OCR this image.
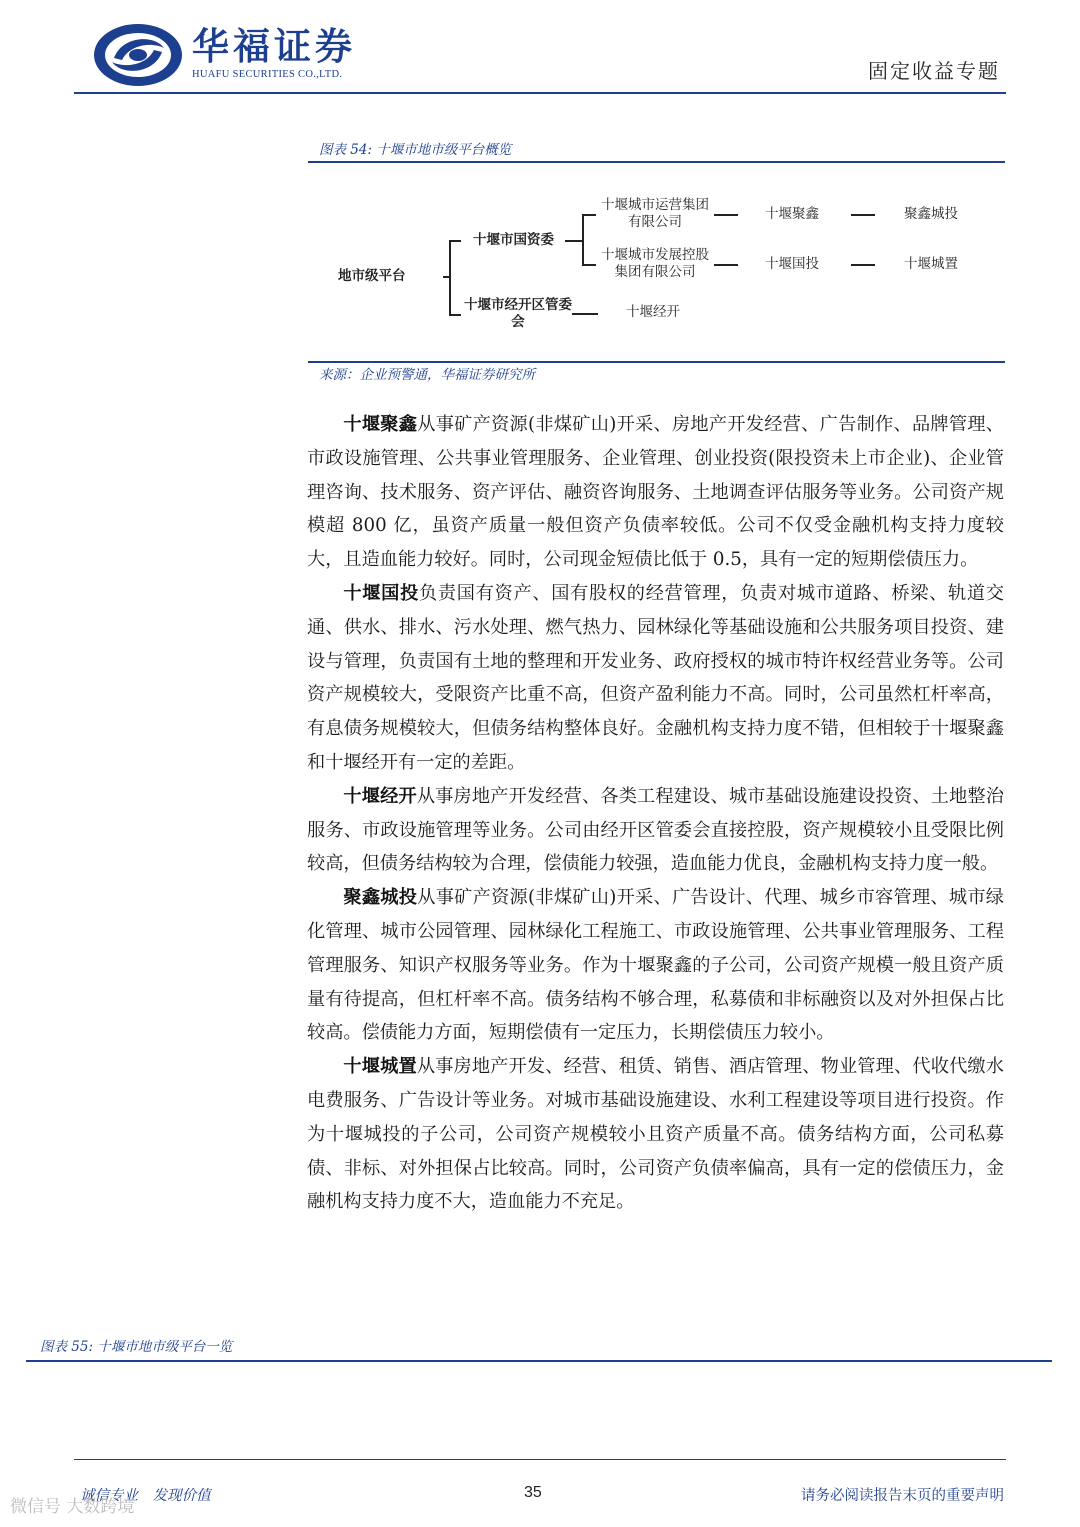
华福证券
HUAFU SECURITIES CO.,LTD.	固定收益专题
图表 54: 十堰市地市级平台概览
地市级平台
十堰市国资委
十堰市经开区管委会
十堰城市运营集团有限公司
十堰城市发展控股集团有限公司
十堰经开
十堰聚鑫
十堰国投
聚鑫城投
十堰城置
来源：企业预警通，华福证券研究所

十堰聚鑫从事矿产资源(非煤矿山)开采、房地产开发经营、广告制作、品牌管理、市政设施管理、公共事业管理服务、企业管理、创业投资(限投资未上市企业)、企业管理咨询、技术服务、资产评估、融资咨询服务、土地调查评估服务等业务。公司资产规模超 800 亿，虽资产质量一般但资产负债率较低。公司不仅受金融机构支持力度较大，且造血能力较好。同时，公司现金短债比低于 0.5，具有一定的短期偿债压力。

十堰国投负责国有资产、国有股权的经营管理，负责对城市道路、桥梁、轨道交通、供水、排水、污水处理、燃气热力、园林绿化等基础设施和公共服务项目投资、建设与管理，负责国有土地的整理和开发业务、政府授权的城市特许权经营业务等。公司资产规模较大，受限资产比重不高，但资产盈利能力不高。同时，公司虽然杠杆率高，有息债务规模较大，但债务结构整体良好。金融机构支持力度不错，但相较于十堰聚鑫和十堰经开有一定的差距。

十堰经开从事房地产开发经营、各类工程建设、城市基础设施建设投资、土地整治服务、市政设施管理等业务。公司由经开区管委会直接控股，资产规模较小且受限比例较高，但债务结构较为合理，偿债能力较强，造血能力优良，金融机构支持力度一般。

聚鑫城投从事矿产资源(非煤矿山)开采、广告设计、代理、城乡市容管理、城市绿化管理、城市公园管理、园林绿化工程施工、市政设施管理、公共事业管理服务、工程管理服务、知识产权服务等业务。作为十堰聚鑫的子公司，公司资产规模一般且资产质量有待提高，但杠杆率不高。债务结构不够合理，私募债和非标融资以及对外担保占比较高。偿债能力方面，短期偿债有一定压力，长期偿债压力较小。

十堰城置从事房地产开发、经营、租赁、销售、酒店管理、物业管理、代收代缴水电费服务、广告设计等业务。对城市基础设施建设、水利工程建设等项目进行投资。作为十堰城投的子公司，公司资产规模较小且资产质量不高。债务结构方面，公司私募债、非标、对外担保占比较高。同时，公司资产负债率偏高，具有一定的偿债压力，金融机构支持力度不大，造血能力不充足。

图表 55: 十堰市地市级平台一览
诚信专业 发现价值	35	请务必阅读报告末页的重要声明
微信号 大数跨境
